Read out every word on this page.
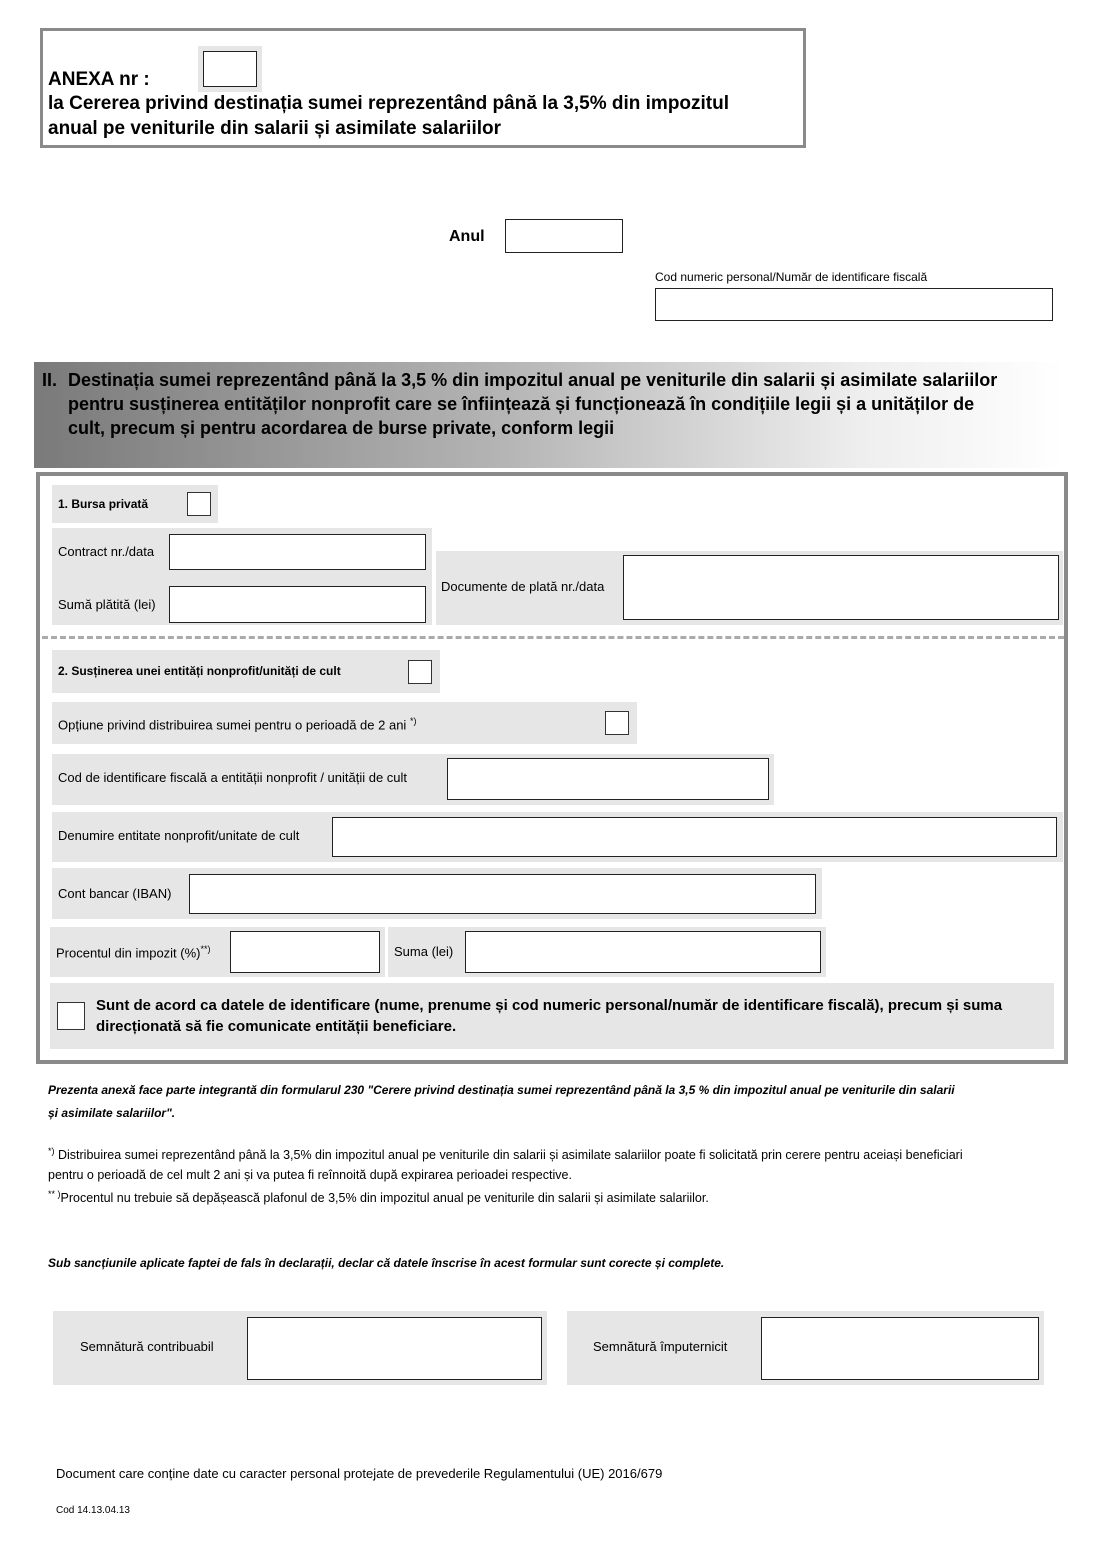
ANEXA nr :
la Cererea privind destinația sumei reprezentând până la 3,5% din impozitul
anual pe veniturile din salarii și asimilate salariilor
Anul
Cod numeric personal/Număr de identificare fiscală
II. Destinația sumei reprezentând până la 3,5 % din impozitul anual pe veniturile din salarii și asimilate salariilor
pentru susținerea entităților nonprofit care se înființează și funcționează în condițiile legii și a unităților de
cult, precum și pentru acordarea de burse private, conform legii
1. Bursa privată
Contract nr./data
Sumă plătită (lei)
Documente de plată nr./data
2. Susținerea unei entități nonprofit/unități de cult
Opțiune privind distribuirea sumei pentru o perioadă de 2 ani *)
Cod de identificare fiscală a entității nonprofit / unității de cult
Denumire entitate nonprofit/unitate de cult
Cont bancar (IBAN)
Procentul din impozit (%)**)	Suma (lei)
Sunt de acord ca datele de identificare (nume, prenume și cod numeric personal/număr de identificare fiscală), precum și suma
direcționată să fie comunicate entității beneficiare.
Prezenta anexă face parte integrantă din formularul 230 "Cerere privind destinația sumei reprezentând până la 3,5 % din impozitul anual pe veniturile din salarii
și asimilate salariilor".
*) Distribuirea sumei reprezentând până la 3,5% din impozitul anual pe veniturile din salarii și asimilate salariilor poate fi solicitată prin cerere pentru aceiași beneficiari
pentru o perioadă de cel mult 2 ani și va putea fi reînnoită după expirarea perioadei respective.
** )Procentul nu trebuie să depășească plafonul de 3,5% din impozitul anual pe veniturile din salarii și asimilate salariilor.
Sub sancțiunile aplicate faptei de fals în declarații, declar că datele înscrise în acest formular sunt corecte și complete.
Semnătură contribuabil	Semnătură împuternicit
Document care conține date cu caracter personal protejate de prevederile Regulamentului (UE) 2016/679
Cod 14.13.04.13
